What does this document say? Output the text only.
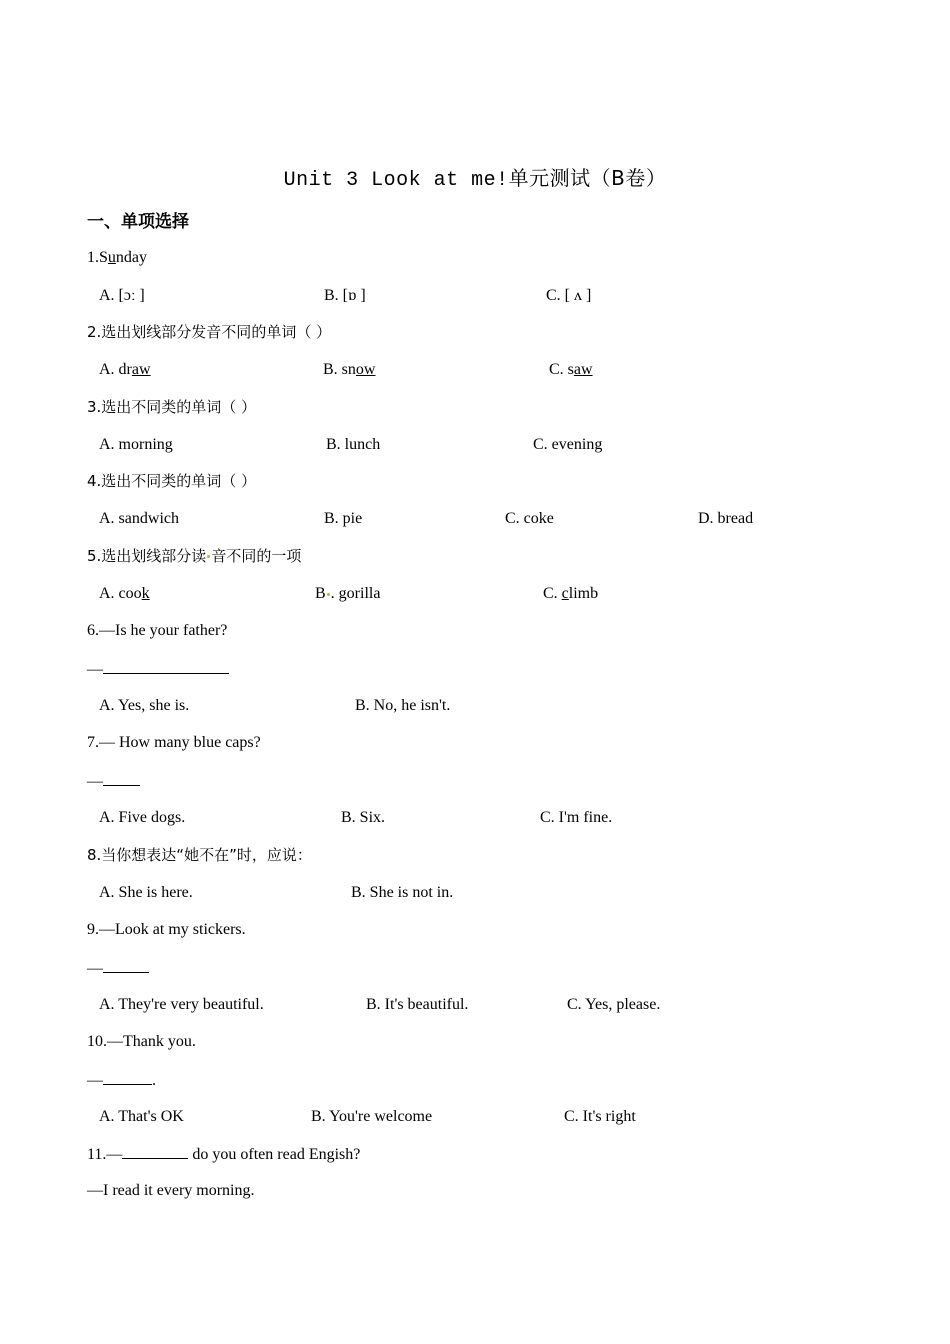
Unit 3 Look at me!单元测试（B卷）
一、单项选择
1.Sunday
A. [ɔː ]	B. [ɒ ]	C. [ ʌ ]
2.选出划线部分发音不同的单词（ ）
A. draw	B. snow	C. saw
3.选出不同类的单词（ ）
A. morning	B. lunch	C. evening
4.选出不同类的单词（ ）
A. sandwich	B. pie	C. coke	D. bread
5.选出划线部分读 音不同的一项
A. cook	B . gorilla	C. climb
6.—Is he your father?
—
A. Yes, she is.	B. No, he isn't.
7.— How many blue caps?
—
A. Five dogs.	B. Six.	C. I'm fine.
8.当你想表达“她不在”时，应说：
A. She is here.	B. She is not in.
9.—Look at my stickers.
—
A. They're very beautiful.	B. It's beautiful.	C. Yes, please.
10.—Thank you.
—	.
A. That's OK	B. You're welcome	C. It's right
11.—	do you often read Engish?
—I read it every morning.
